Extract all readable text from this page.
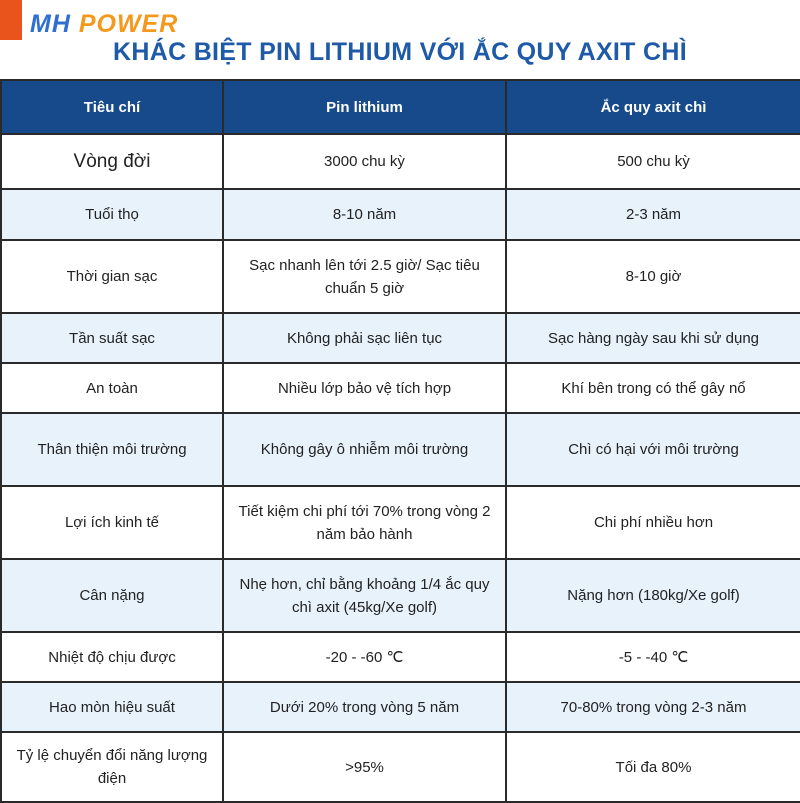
MH POWER
KHÁC BIỆT PIN LITHIUM VỚI ẮC QUY AXIT CHÌ
Tiêu chí	Pin lithium	Ắc quy axit chì
Vòng đời	3000 chu kỳ	500 chu kỳ
Tuổi thọ	8-10 năm	2-3 năm
Thời gian sạc	Sạc nhanh lên tới 2.5 giờ/ Sạc tiêu chuẩn 5 giờ	8-10 giờ
Tần suất sạc	Không phải sạc liên tục	Sạc hàng ngày sau khi sử dụng
An toàn	Nhiều lớp bảo vệ tích hợp	Khí bên trong có thể gây nổ
Thân thiện môi trường	Không gây ô nhiễm môi trường	Chì có hại với môi trường
Lợi ích kinh tế	Tiết kiệm chi phí tới 70% trong vòng 2 năm bảo hành	Chi phí nhiều hơn
Cân nặng	Nhẹ hơn, chỉ bằng khoảng 1/4 ắc quy chì axit (45kg/Xe golf)	Nặng hơn (180kg/Xe golf)
Nhiệt độ chịu được	-20 - -60 ℃	-5 - -40 ℃
Hao mòn hiệu suất	Dưới 20% trong vòng 5 năm	70-80% trong vòng 2-3 năm
Tỷ lệ chuyển đổi năng lượng điện	>95%	Tối đa 80%
